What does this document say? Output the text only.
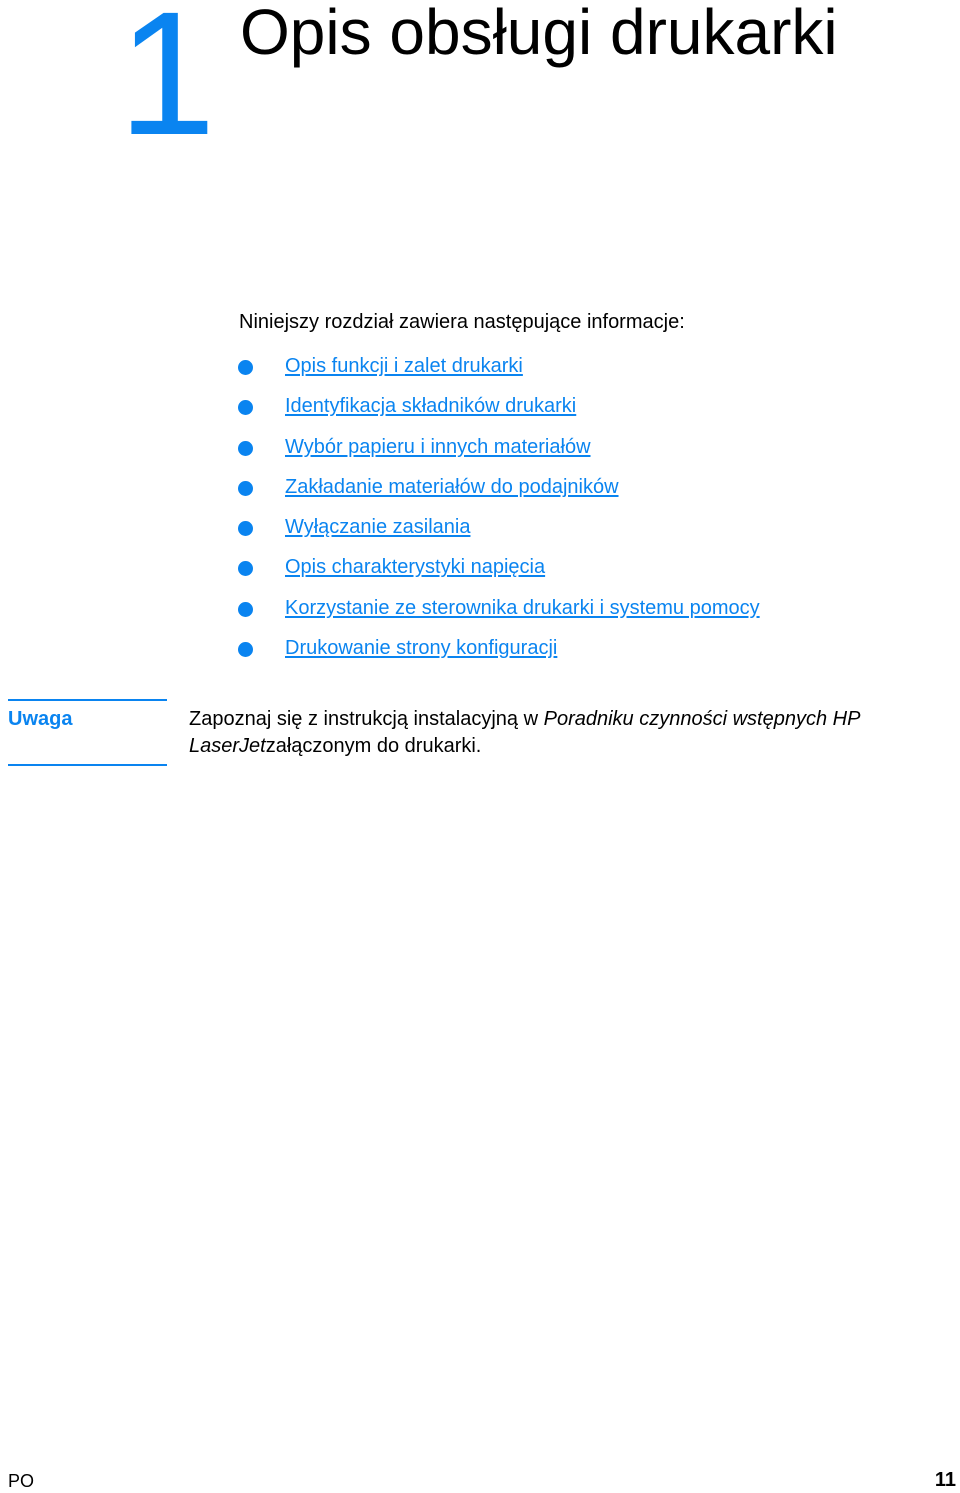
1 Opis obsługi drukarki

Niniejszy rozdział zawiera następujące informacje:

Opis funkcji i zalet drukarki
Identyfikacja składników drukarki
Wybór papieru i innych materiałów
Zakładanie materiałów do podajników
Wyłączanie zasilania
Opis charakterystyki napięcia
Korzystanie ze sterownika drukarki i systemu pomocy
Drukowanie strony konfiguracji
Uwaga	Zapoznaj się z instrukcją instalacyjną w Poradniku czynności wstępnych HP LaserJetzałączonym do drukarki.

PO	11
